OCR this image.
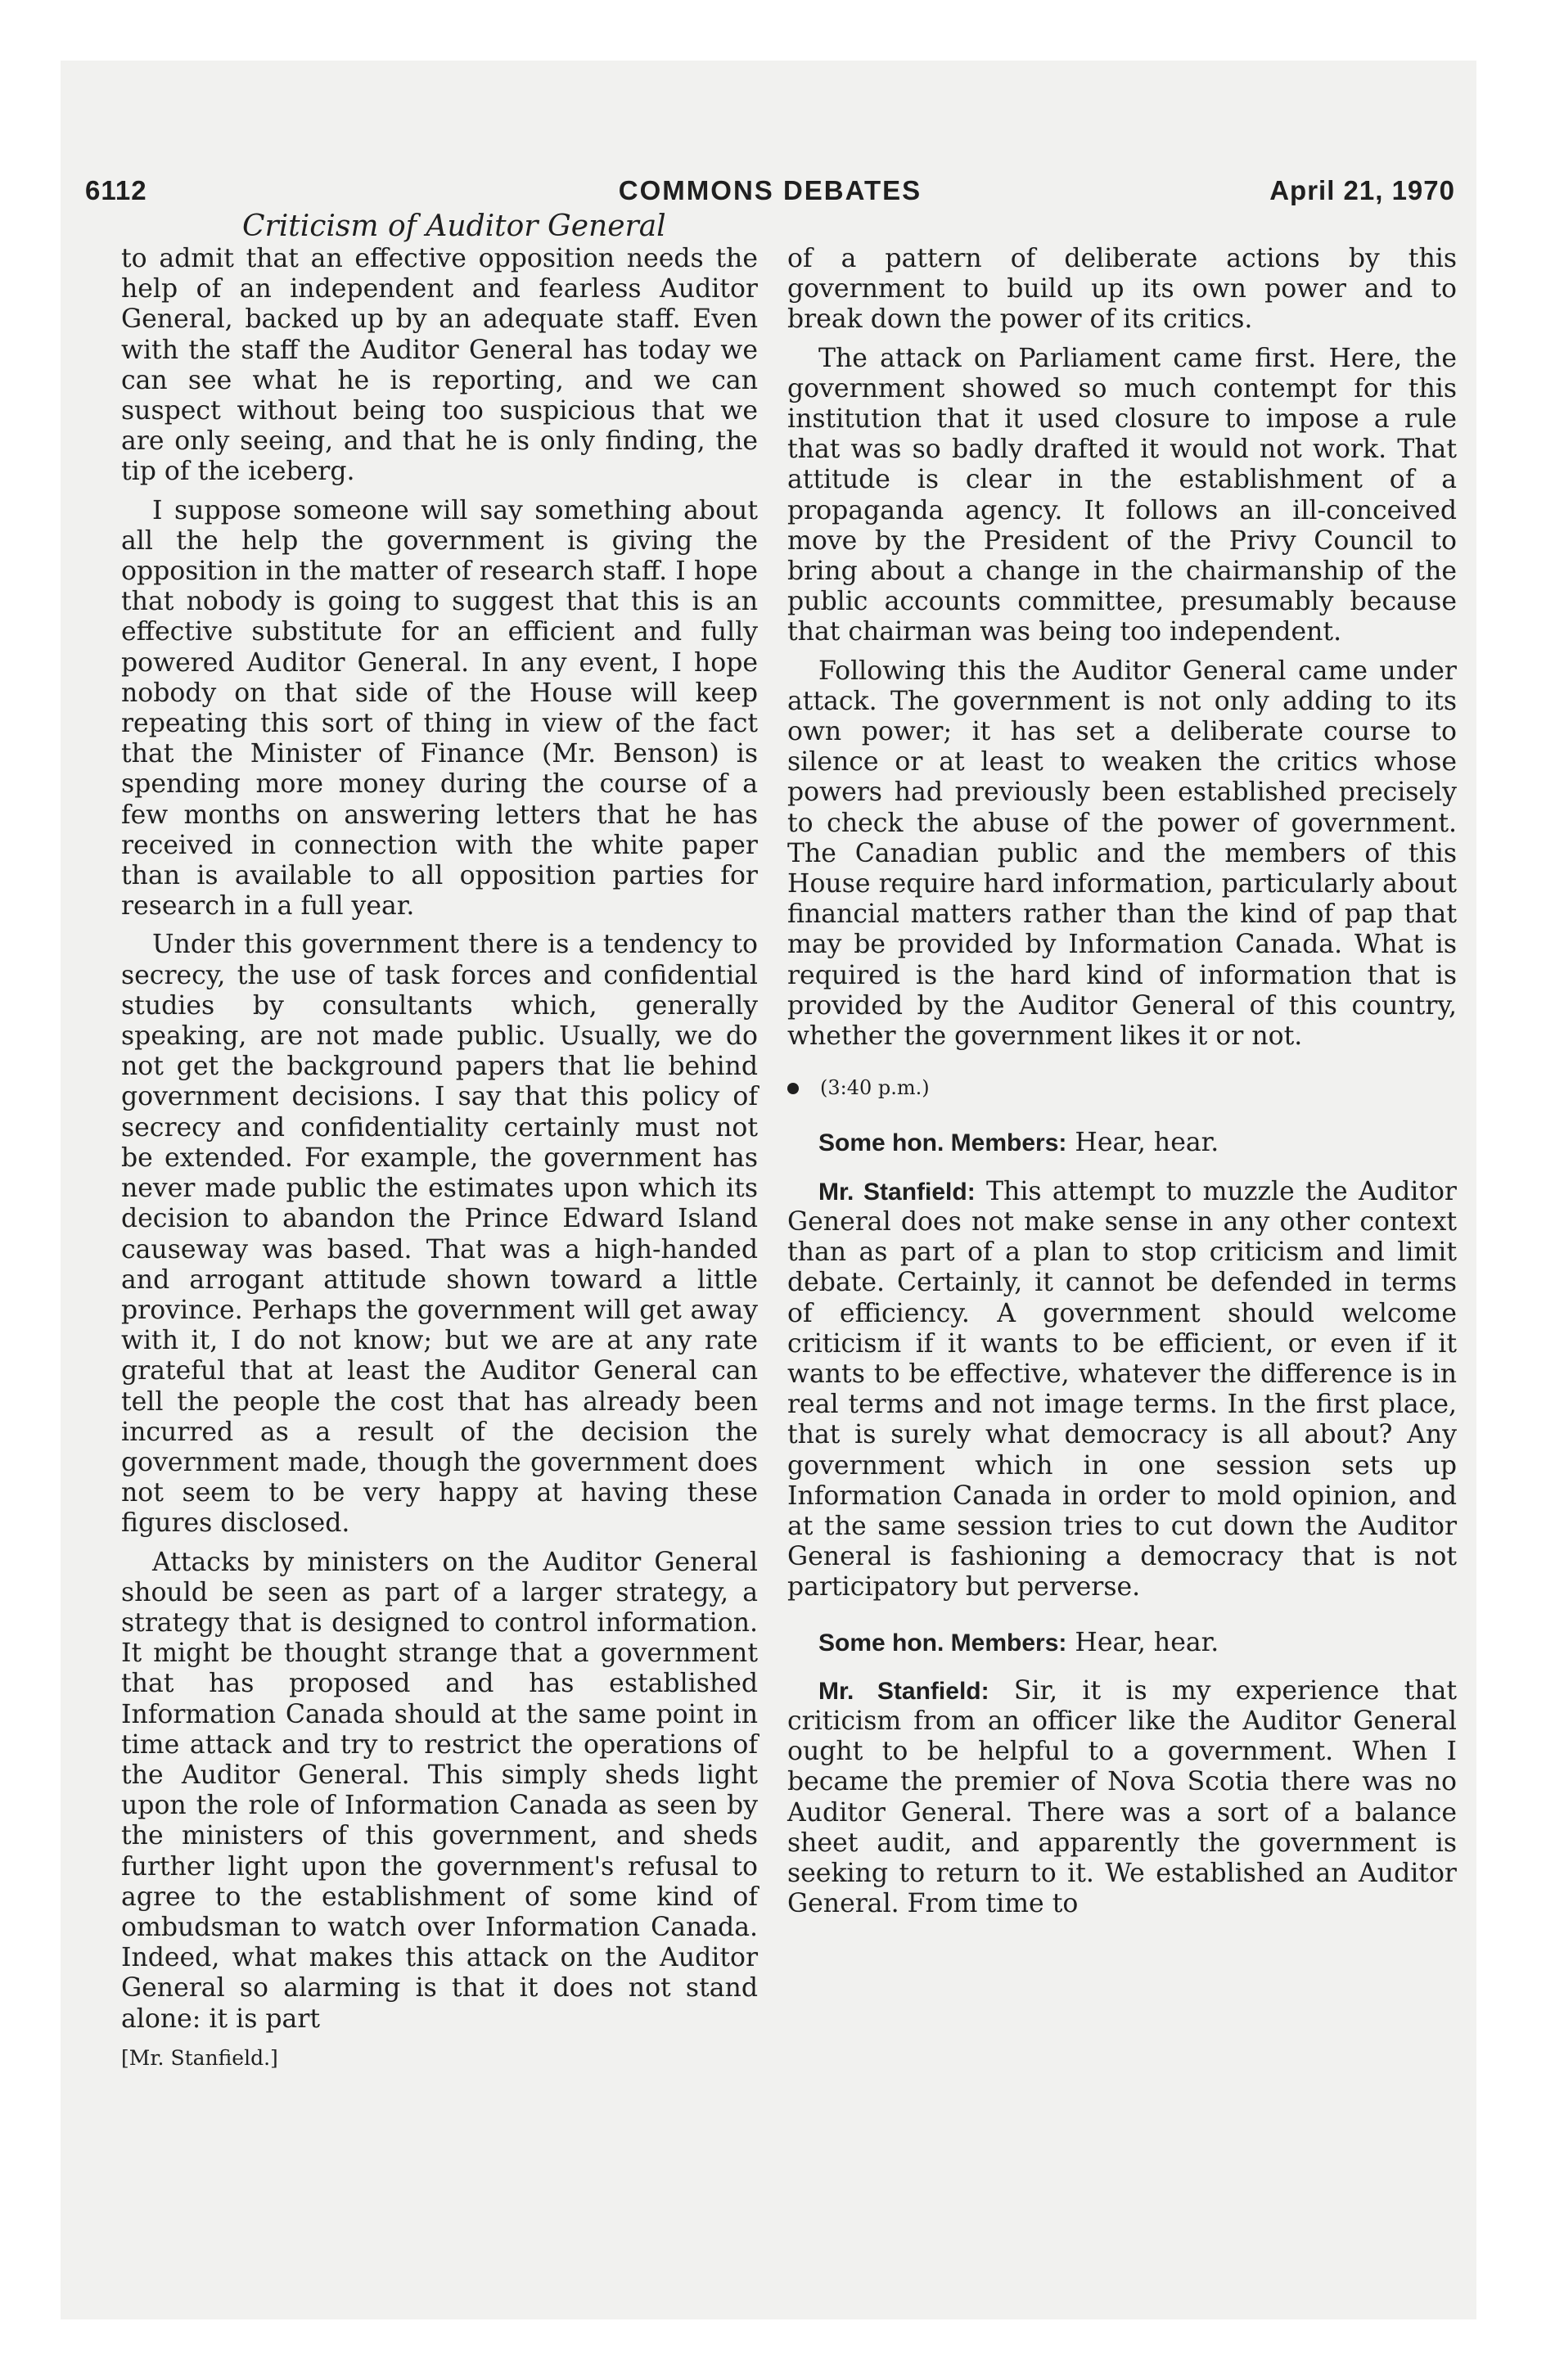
6112	COMMONS DEBATES	April 21, 1970
Criticism of Auditor General

to admit that an effective opposition needs the help of an independent and fearless Auditor General, backed up by an adequate staff. Even with the staff the Auditor General has today we can see what he is reporting, and we can suspect without being too suspicious that we are only seeing, and that he is only finding, the tip of the iceberg.

I suppose someone will say something about all the help the government is giving the opposition in the matter of research staff. I hope that nobody is going to suggest that this is an effective substitute for an efficient and fully powered Auditor General. In any event, I hope nobody on that side of the House will keep repeating this sort of thing in view of the fact that the Minister of Finance (Mr. Benson) is spending more money during the course of a few months on answering letters that he has received in connection with the white paper than is available to all opposition parties for research in a full year.

Under this government there is a tendency to secrecy, the use of task forces and confidential studies by consultants which, generally speaking, are not made public. Usually, we do not get the background papers that lie behind government decisions. I say that this policy of secrecy and confidentiality certainly must not be extended. For example, the government has never made public the estimates upon which its decision to abandon the Prince Edward Island causeway was based. That was a high-handed and arrogant attitude shown toward a little province. Perhaps the government will get away with it, I do not know; but we are at any rate grateful that at least the Auditor General can tell the people the cost that has already been incurred as a result of the decision the government made, though the government does not seem to be very happy at having these figures disclosed.

Attacks by ministers on the Auditor General should be seen as part of a larger strategy, a strategy that is designed to control information. It might be thought strange that a government that has proposed and has established Information Canada should at the same point in time attack and try to restrict the operations of the Auditor General. This simply sheds light upon the role of Information Canada as seen by the ministers of this government, and sheds further light upon the government's refusal to agree to the establishment of some kind of ombudsman to watch over Information Canada. Indeed, what makes this attack on the Auditor General so alarming is that it does not stand alone: it is part

[Mr. Stanfield.]

of a pattern of deliberate actions by this government to build up its own power and to break down the power of its critics.

The attack on Parliament came first. Here, the government showed so much contempt for this institution that it used closure to impose a rule that was so badly drafted it would not work. That attitude is clear in the establishment of a propaganda agency. It follows an ill-conceived move by the President of the Privy Council to bring about a change in the chairmanship of the public accounts committee, presumably because that chairman was being too independent.

Following this the Auditor General came under attack. The government is not only adding to its own power; it has set a deliberate course to silence or at least to weaken the critics whose powers had previously been established precisely to check the abuse of the power of government. The Canadian public and the members of this House require hard information, particularly about financial matters rather than the kind of pap that may be provided by Information Canada. What is required is the hard kind of information that is provided by the Auditor General of this country, whether the government likes it or not.

(3:40 p.m.)
Some hon. Members: Hear, hear.

Mr. Stanfield: This attempt to muzzle the Auditor General does not make sense in any other context than as part of a plan to stop criticism and limit debate. Certainly, it cannot be defended in terms of efficiency. A government should welcome criticism if it wants to be efficient, or even if it wants to be effective, whatever the difference is in real terms and not image terms. In the first place, that is surely what democracy is all about? Any government which in one session sets up Information Canada in order to mold opinion, and at the same session tries to cut down the Auditor General is fashioning a democracy that is not participatory but perverse.

Some hon. Members: Hear, hear.

Mr. Stanfield: Sir, it is my experience that criticism from an officer like the Auditor General ought to be helpful to a government. When I became the premier of Nova Scotia there was no Auditor General. There was a sort of a balance sheet audit, and apparently the government is seeking to return to it. We established an Auditor General. From time to
